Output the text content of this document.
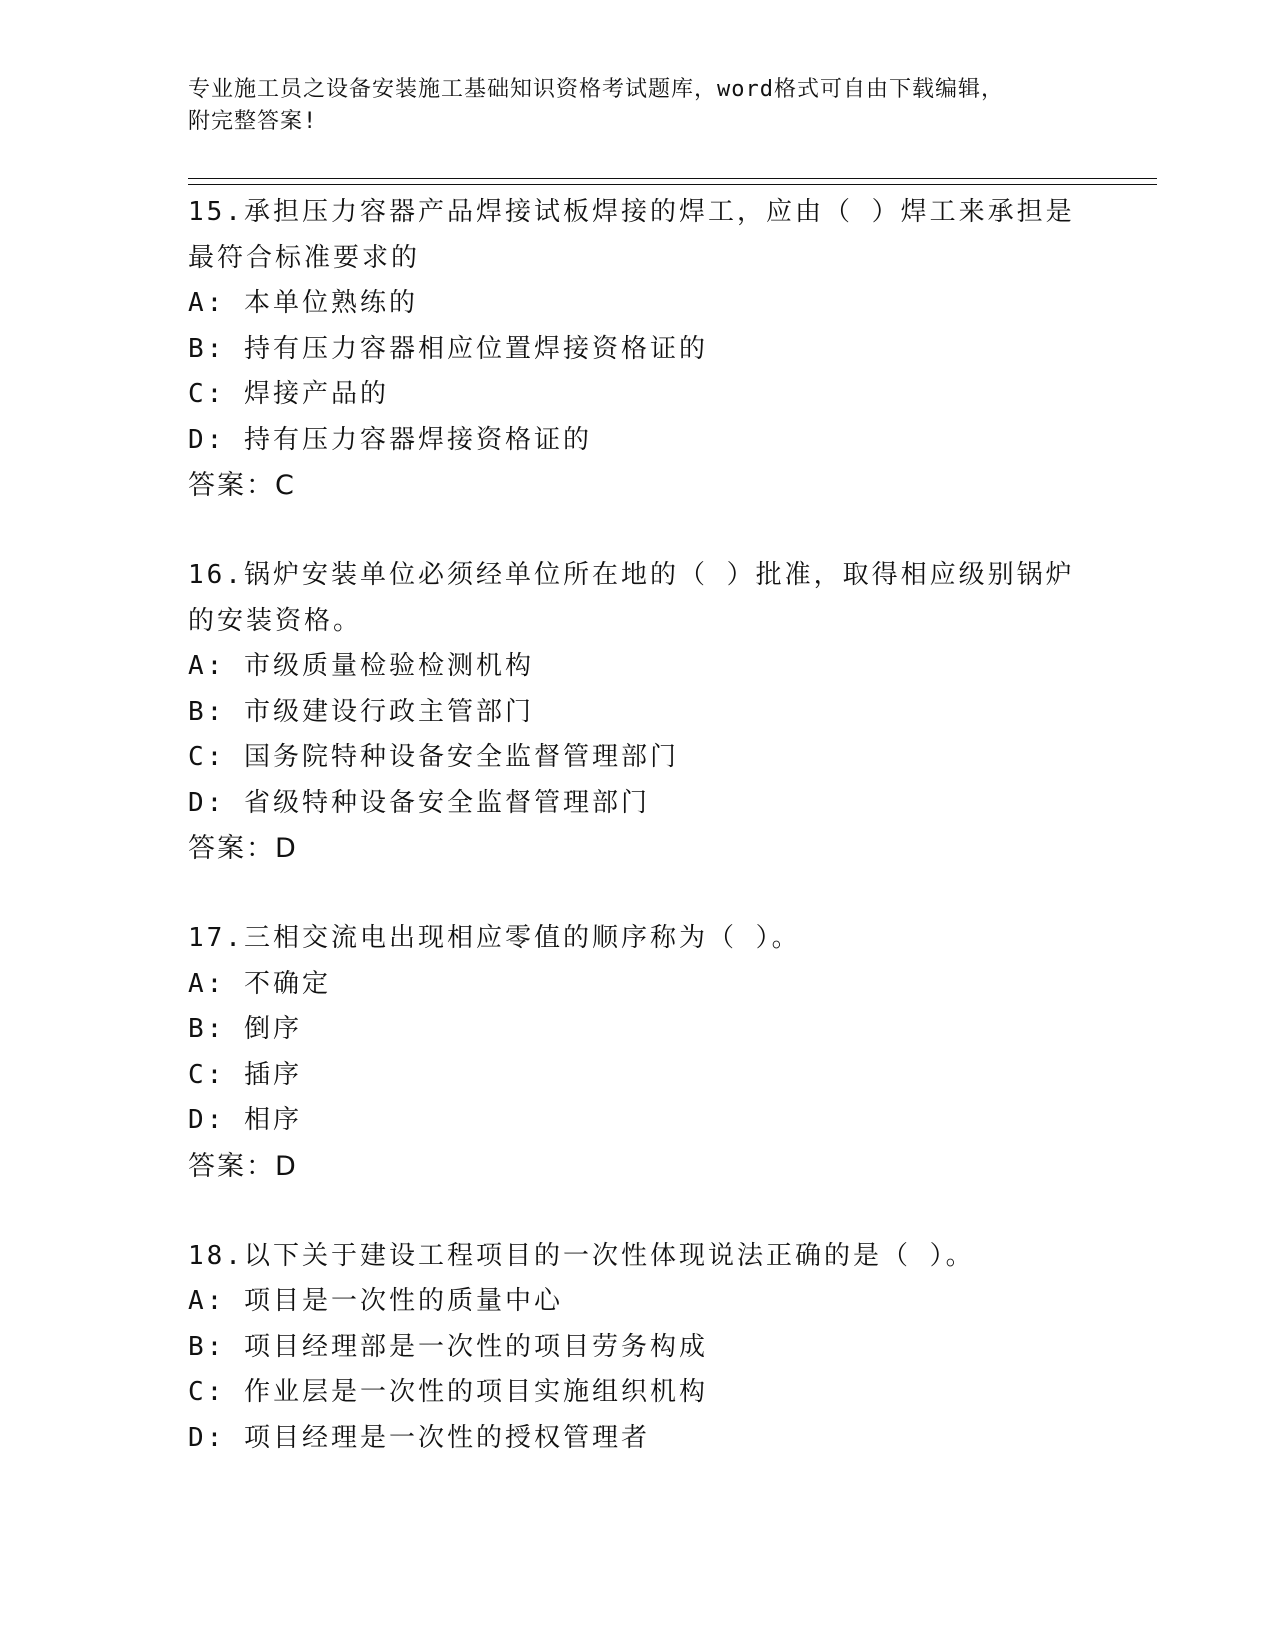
专业施工员之设备安装施工基础知识资格考试题库，word格式可自由下载编辑，
附完整答案!
15.承担压力容器产品焊接试板焊接的焊工，应由（ ）焊工来承担是
最符合标准要求的
A: 本单位熟练的
B: 持有压力容器相应位置焊接资格证的
C: 焊接产品的
D: 持有压力容器焊接资格证的
答案：C
16.锅炉安装单位必须经单位所在地的（ ）批准，取得相应级别锅炉
的安装资格。
A: 市级质量检验检测机构
B: 市级建设行政主管部门
C: 国务院特种设备安全监督管理部门
D: 省级特种设备安全监督管理部门
答案：D
17.三相交流电出现相应零值的顺序称为（ ）。
A: 不确定
B: 倒序
C: 插序
D: 相序
答案：D
18.以下关于建设工程项目的一次性体现说法正确的是（ ）。
A: 项目是一次性的质量中心
B: 项目经理部是一次性的项目劳务构成
C: 作业层是一次性的项目实施组织机构
D: 项目经理是一次性的授权管理者
